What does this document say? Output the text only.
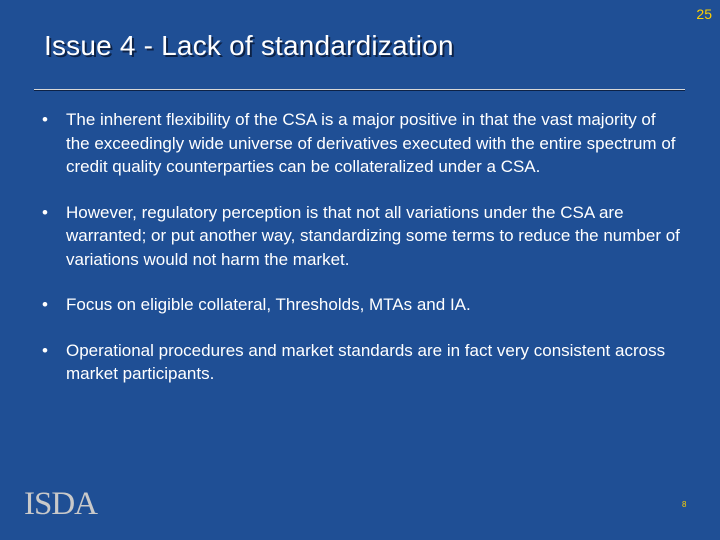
25
Issue 4 - Lack of standardization
•	The inherent flexibility of the CSA is a major positive in that the vast majority of the exceedingly wide universe of derivatives executed with the entire spectrum of credit quality counterparties can be collateralized under a CSA.
•	However, regulatory perception is that not all variations under the CSA are warranted; or put another way, standardizing some terms to reduce the number of variations would not harm the market.
•	Focus on eligible collateral, Thresholds, MTAs and IA.
•	Operational procedures and market standards are in fact very consistent across market participants.
ISDA	8
